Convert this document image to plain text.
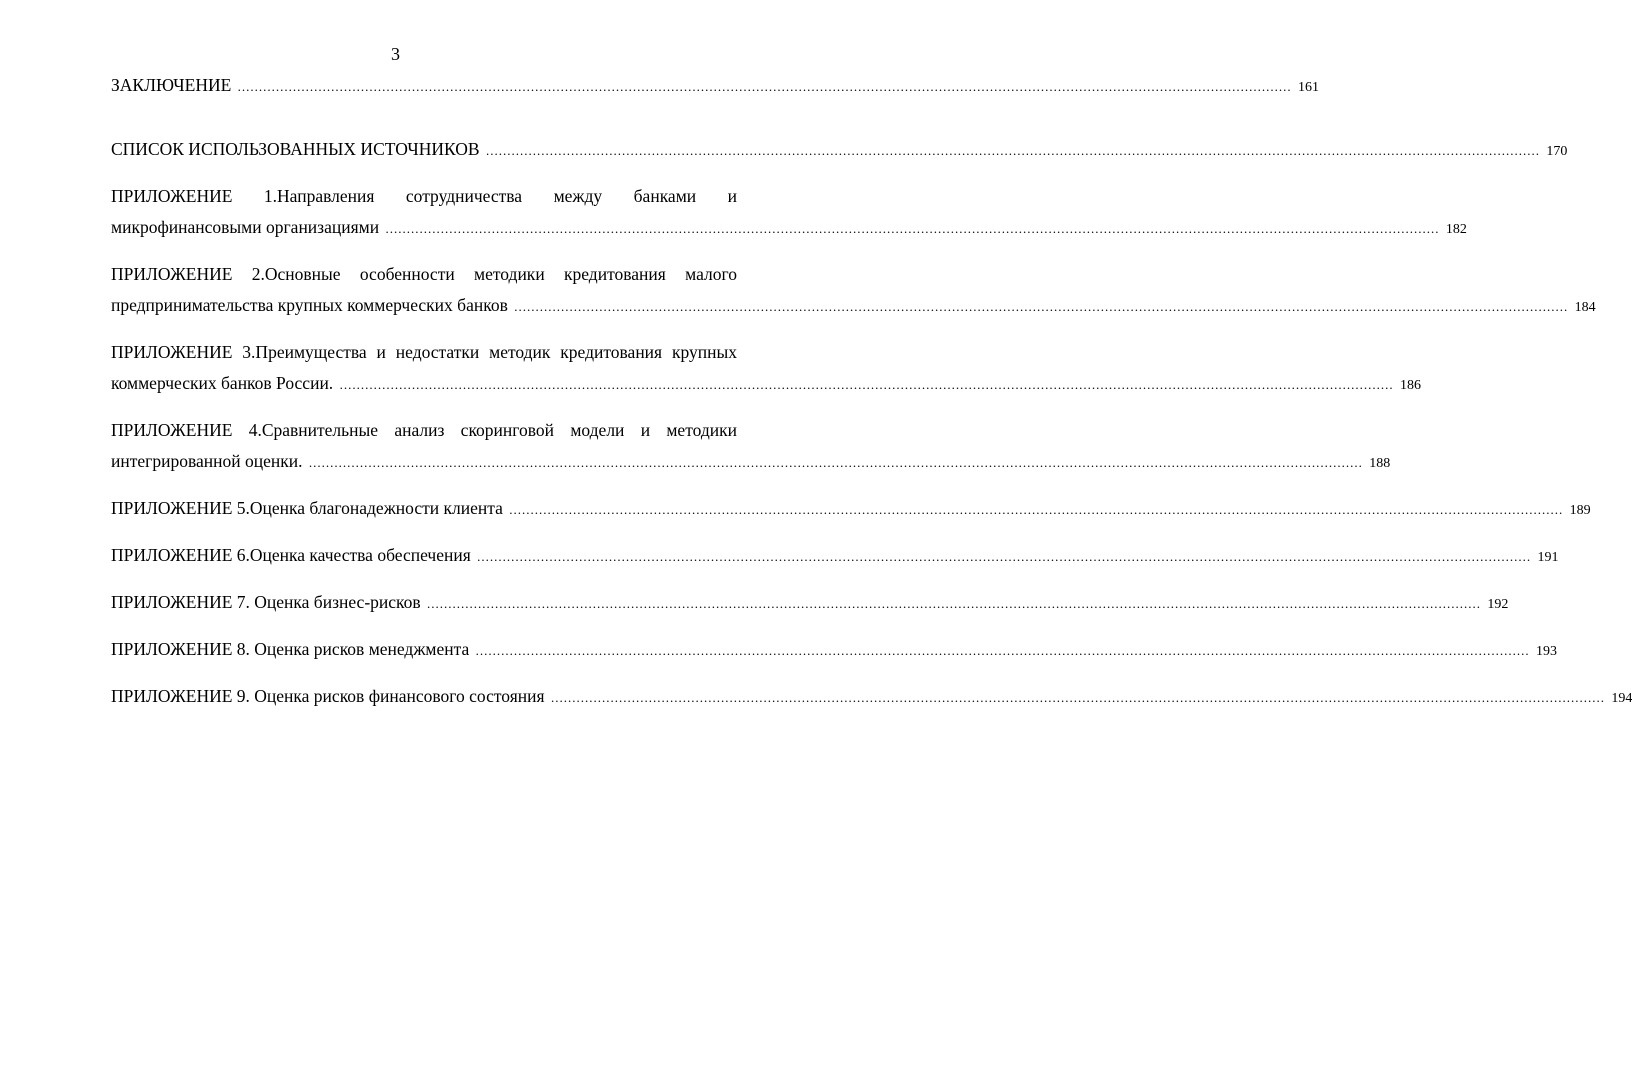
3
ЗАКЛЮЧЕНИЕ .....	161
СПИСОК ИСПОЛЬЗОВАННЫХ ИСТОЧНИКОВ .....	170
ПРИЛОЖЕНИЕ 1.Направления сотрудничества между банками и
микрофинансовыми организациями .....	182
ПРИЛОЖЕНИЕ 2.Основные особенности методики кредитования малого
предпринимательства крупных коммерческих банков .....	184
ПРИЛОЖЕНИЕ 3.Преимущества и недостатки методик кредитования крупных
коммерческих банков России. .....	186
ПРИЛОЖЕНИЕ 4.Сравнительные анализ скоринговой модели и методики
интегрированной оценки. .....	188
ПРИЛОЖЕНИЕ 5.Оценка благонадежности клиента .....	189
ПРИЛОЖЕНИЕ 6.Оценка качества обеспечения .....	191
ПРИЛОЖЕНИЕ 7. Оценка бизнес-рисков .....	192
ПРИЛОЖЕНИЕ 8. Оценка рисков менеджмента .....	193
ПРИЛОЖЕНИЕ 9. Оценка рисков финансового состояния .....	194
